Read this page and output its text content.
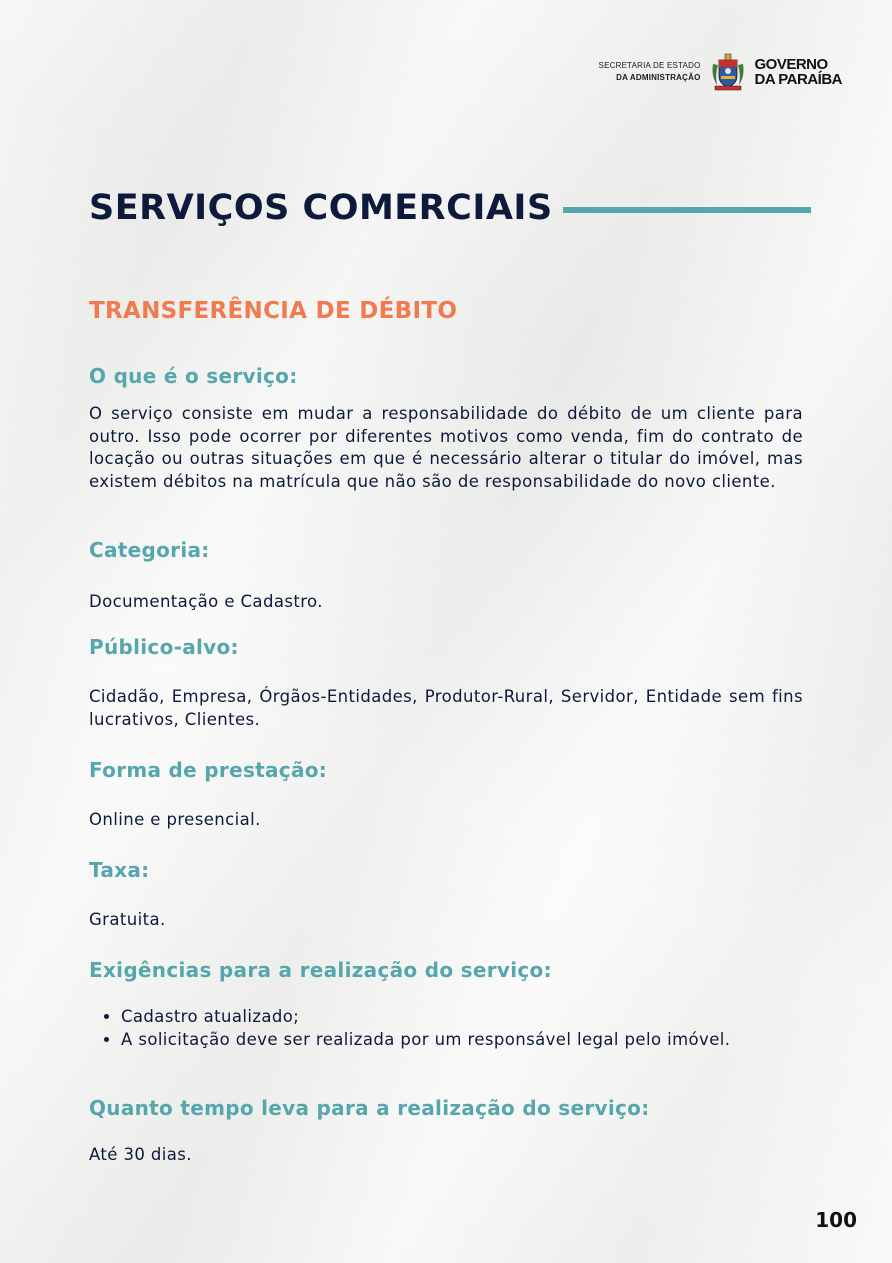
SECRETARIA DE ESTADO
DA ADMINISTRAÇÃO
GOVERNO
DA PARAÍBA
SERVIÇOS COMERCIAIS
TRANSFERÊNCIA DE DÉBITO
O que é o serviço:
O serviço consiste em mudar a responsabilidade do débito de um cliente para outro. Isso pode ocorrer por diferentes motivos como venda, fim do contrato de locação ou outras situações em que é necessário alterar o titular do imóvel, mas existem débitos na matrícula que não são de responsabilidade do novo cliente.
Categoria:
Documentação e Cadastro.
Público-alvo:
Cidadão, Empresa, Órgãos-Entidades, Produtor-Rural, Servidor, Entidade sem fins lucrativos, Clientes.
Forma de prestação:
Online e presencial.
Taxa:
Gratuita.
Exigências para a realização do serviço:
• Cadastro atualizado;
• A solicitação deve ser realizada por um responsável legal pelo imóvel.
Quanto tempo leva para a realização do serviço:
Até 30 dias.
100
